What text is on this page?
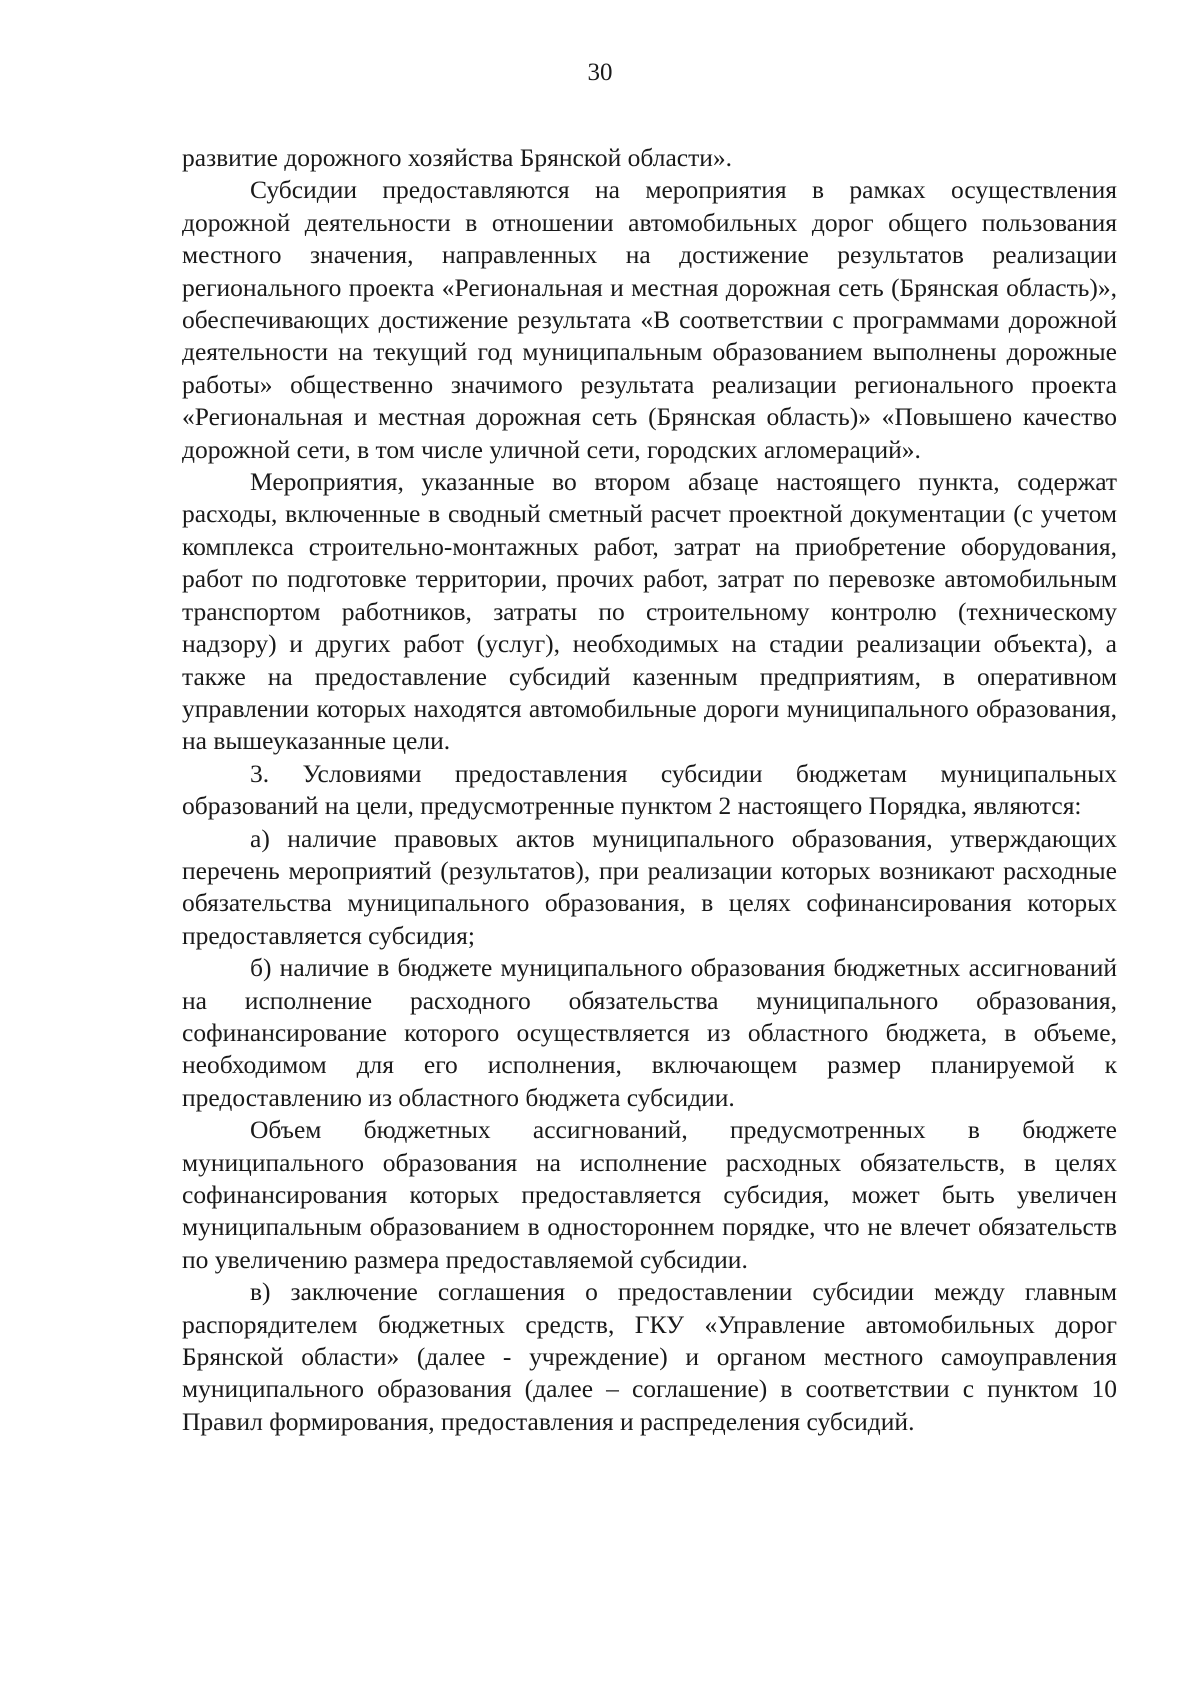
30

развитие дорожного хозяйства Брянской области».

Субсидии предоставляются на мероприятия в рамках осуществления дорожной деятельности в отношении автомобильных дорог общего пользования местного значения, направленных на достижение результатов реализации регионального проекта «Региональная и местная дорожная сеть (Брянская область)», обеспечивающих достижение результата «В соответствии с программами дорожной деятельности на текущий год муниципальным образованием выполнены дорожные работы» общественно значимого результата реализации регионального проекта «Региональная и местная дорожная сеть (Брянская область)» «Повышено качество дорожной сети, в том числе уличной сети, городских агломераций».

Мероприятия, указанные во втором абзаце настоящего пункта, содержат расходы, включенные в сводный сметный расчет проектной документации (с учетом комплекса строительно-монтажных работ, затрат на приобретение оборудования, работ по подготовке территории, прочих работ, затрат по перевозке автомобильным транспортом работников, затраты по строительному контролю (техническому надзору) и других работ (услуг), необходимых на стадии реализации объекта), а также на предоставление субсидий казенным предприятиям, в оперативном управлении которых находятся автомобильные дороги муниципального образования, на вышеуказанные цели.

3. Условиями предоставления субсидии бюджетам муниципальных образований на цели, предусмотренные пунктом 2 настоящего Порядка, являются:

а) наличие правовых актов муниципального образования, утверждающих перечень мероприятий (результатов), при реализации которых возникают расходные обязательства муниципального образования, в целях софинансирования которых предоставляется субсидия;

б) наличие в бюджете муниципального образования бюджетных ассигнований на исполнение расходного обязательства муниципального образования, софинансирование которого осуществляется из областного бюджета, в объеме, необходимом для его исполнения, включающем размер планируемой к предоставлению из областного бюджета субсидии.

Объем бюджетных ассигнований, предусмотренных в бюджете муниципального образования на исполнение расходных обязательств, в целях софинансирования которых предоставляется субсидия, может быть увеличен муниципальным образованием в одностороннем порядке, что не влечет обязательств по увеличению размера предоставляемой субсидии.

в) заключение соглашения о предоставлении субсидии между главным распорядителем бюджетных средств, ГКУ «Управление автомобильных дорог Брянской области» (далее - учреждение) и органом местного самоуправления муниципального образования (далее – соглашение) в соответствии с пунктом 10 Правил формирования, предоставления и распределения субсидий.
